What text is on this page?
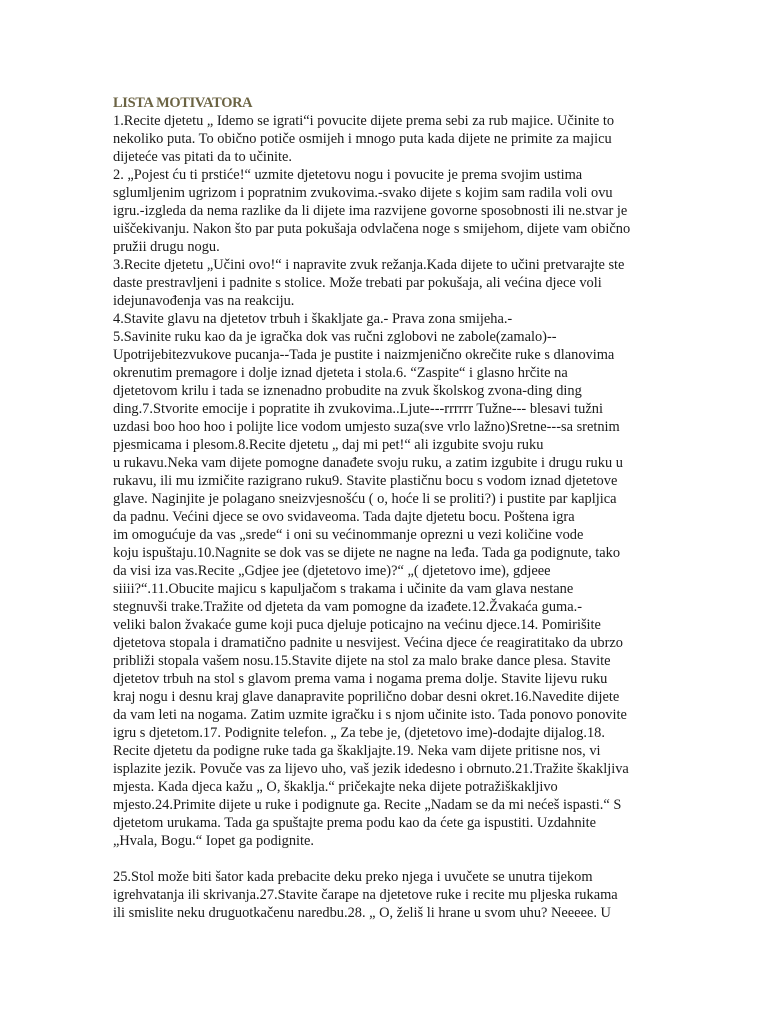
LISTA MOTIVATORA
1.Recite djetetu „ Idemo se igrati“i povucite dijete prema sebi za rub majice. Učinite to
nekoliko puta. To obično potiče osmijeh i mnogo puta kada dijete ne primite za majicu
dijeteće vas pitati da to učinite.
2. „Pojest ću ti prstiće!“ uzmite djetetovu nogu i povucite je prema svojim ustima
sglumljenim ugrizom i popratnim zvukovima.-svako dijete s kojim sam radila voli ovu
igru.-izgleda da nema razlike da li dijete ima razvijene govorne sposobnosti ili ne.stvar je
uiščekivanju. Nakon što par puta pokušaja odvlačena noge s smijehom, dijete vam obično
pružii drugu nogu.
3.Recite djetetu „Učini ovo!“ i napravite zvuk režanja.Kada dijete to učini pretvarajte ste
daste prestravljeni i padnite s stolice. Može trebati par pokušaja, ali većina djece voli
idejunavođenja vas na reakciju.
4.Stavite glavu na djetetov trbuh i škakljate ga.- Prava zona smijeha.-
5.Savinite ruku kao da je igračka dok vas ručni zglobovi ne zabole(zamalo)--
Upotrijebitezvukove pucanja--Tada je pustite i naizmjenično okrečite ruke s dlanovima
okrenutim premagore i dolje iznad djeteta i stola.6. “Zaspite“ i glasno hrčite na
djetetovom krilu i tada se iznenadno probudite na zvuk školskog zvona-ding ding
ding.7.Stvorite emocije i popratite ih zvukovima..Ljute---rrrrrr Tužne--- blesavi tužni
uzdasi boo hoo hoo i polijte lice vodom umjesto suza(sve vrlo lažno)Sretne---sa sretnim
pjesmicama i plesom.8.Recite djetetu „ daj mi pet!“ ali izgubite svoju ruku
u rukavu.Neka vam dijete pomogne danađete svoju ruku, a zatim izgubite i drugu ruku u
rukavu, ili mu izmičite razigrano ruku9. Stavite plastičnu bocu s vodom iznad djetetove
glave. Naginjite je polagano sneizvjesnošću ( o, hoće li se proliti?) i pustite par kapljica
da padnu. Većini djece se ovo svidaveoma. Tada dajte djetetu bocu. Poštena igra
im omogućuje da vas „srede“ i oni su većinommanje oprezni u vezi količine vode
koju ispuštaju.10.Nagnite se dok vas se dijete ne nagne na leđa. Tada ga podignute, tako
da visi iza vas.Recite „Gdjee jee (djetetovo ime)?“ „( djetetovo ime), gdjeee
siiii?“.11.Obucite majicu s kapuljačom s trakama i učinite da vam glava nestane
stegnuvši trake.Tražite od djeteta da vam pomogne da izađete.12.Žvakaća guma.-
veliki balon žvakaće gume koji puca djeluje poticajno na većinu djece.14. Pomirišite
djetetova stopala i dramatično padnite u nesvijest. Većina djece će reagiratitako da ubrzo
približi stopala vašem nosu.15.Stavite dijete na stol za malo brake dance plesa. Stavite
djetetov trbuh na stol s glavom prema vama i nogama prema dolje. Stavite lijevu ruku
kraj nogu i desnu kraj glave danapravite poprilično dobar desni okret.16.Navedite dijete
da vam leti na nogama. Zatim uzmite igračku i s njom učinite isto. Tada ponovo ponovite
igru s djetetom.17. Podignite telefon. „ Za tebe je, (djetetovo ime)-dodajte dijalog.18.
Recite djetetu da podigne ruke tada ga škakljajte.19. Neka vam dijete pritisne nos, vi
isplazite jezik. Povuče vas za lijevo uho, vaš jezik idedesno i obrnuto.21.Tražite škakljiva
mjesta. Kada djeca kažu „ O, škaklja.“ pričekajte neka dijete potražiškakljivo
mjesto.24.Primite dijete u ruke i podignute ga. Recite „Nadam se da mi nećeš ispasti.“ S
djetetom urukama. Tada ga spuštajte prema podu kao da ćete ga ispustiti. Uzdahnite
„Hvala, Bogu.“ Iopet ga podignite.
25.Stol može biti šator kada prebacite deku preko njega i uvučete se unutra tijekom
igrehvatanja ili skrivanja.27.Stavite čarape na djetetove ruke i recite mu pljeska rukama
ili smislite neku druguotkačenu naredbu.28. „ O, želiš li hrane u svom uhu? Neeeee. U
